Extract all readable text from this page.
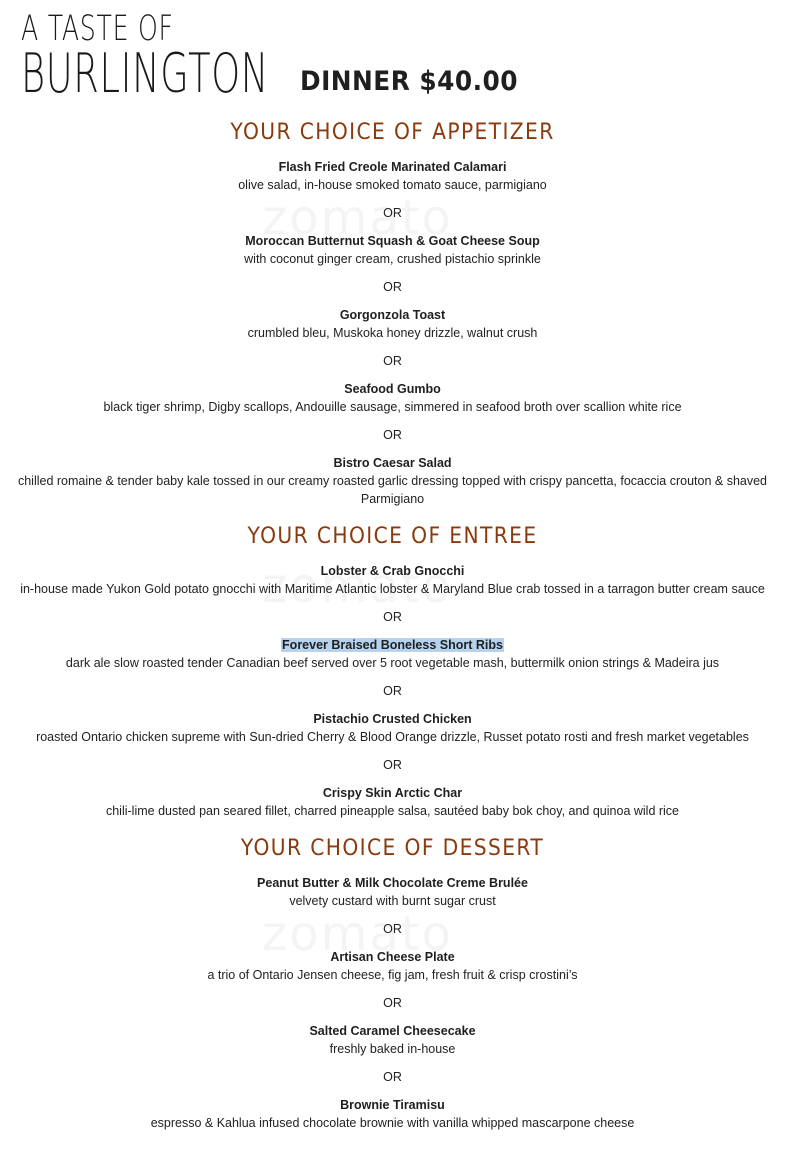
A TASTE OF
BURLINGTON DINNER $40.00
YOUR CHOICE OF APPETIZER
Flash Fried Creole Marinated Calamari
olive salad, in-house smoked tomato sauce, parmigiano
OR
Moroccan Butternut Squash & Goat Cheese Soup
with coconut ginger cream, crushed pistachio sprinkle
OR
Gorgonzola Toast
crumbled bleu, Muskoka honey drizzle, walnut crush
OR
Seafood Gumbo
black tiger shrimp, Digby scallops, Andouille sausage, simmered in seafood broth over scallion white rice
OR
Bistro Caesar Salad
chilled romaine & tender baby kale tossed in our creamy roasted garlic dressing topped with crispy pancetta, focaccia crouton & shaved Parmigiano
YOUR CHOICE OF ENTREE
Lobster & Crab Gnocchi
in-house made Yukon Gold potato gnocchi with Maritime Atlantic lobster & Maryland Blue crab tossed in a tarragon butter cream sauce
OR
Forever Braised Boneless Short Ribs
dark ale slow roasted tender Canadian beef served over 5 root vegetable mash, buttermilk onion strings & Madeira jus
OR
Pistachio Crusted Chicken
roasted Ontario chicken supreme with Sun-dried Cherry & Blood Orange drizzle, Russet potato rosti and fresh market vegetables
OR
Crispy Skin Arctic Char
chili-lime dusted pan seared fillet, charred pineapple salsa, sautéed baby bok choy, and quinoa wild rice
YOUR CHOICE OF DESSERT
Peanut Butter & Milk Chocolate Creme Brulée
velvety custard with burnt sugar crust
OR
Artisan Cheese Plate
a trio of Ontario Jensen cheese, fig jam, fresh fruit & crisp crostini’s
OR
Salted Caramel Cheesecake
freshly baked in-house
OR
Brownie Tiramisu
espresso & Kahlua infused chocolate brownie with vanilla whipped mascarpone cheese
